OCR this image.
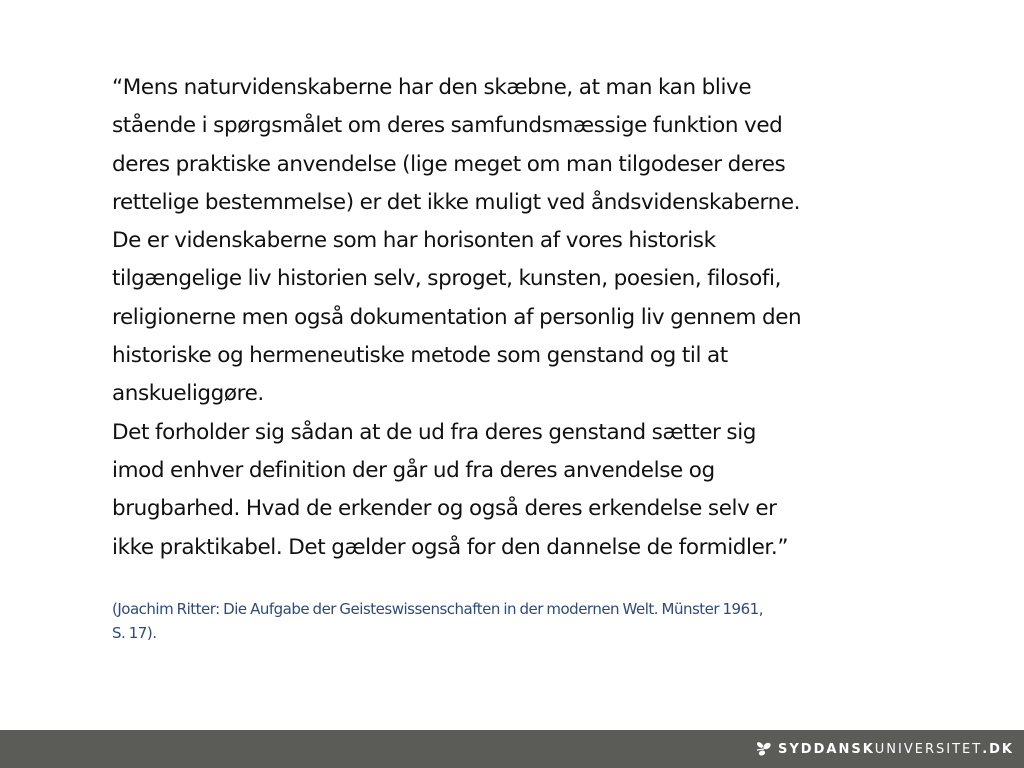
“Mens naturvidenskaberne har den skæbne, at man kan blive
stående i spørgsmålet om deres samfundsmæssige funktion ved
deres praktiske anvendelse (lige meget om man tilgodeser deres
rettelige bestemmelse) er det ikke muligt ved åndsvidenskaberne.
De er videnskaberne som har horisonten af vores historisk
tilgængelige liv historien selv, sproget, kunsten, poesien, filosofi,
religionerne men også dokumentation af personlig liv gennem den
historiske og hermeneutiske metode som genstand og til at
anskueliggøre.
Det forholder sig sådan at de ud fra deres genstand sætter sig
imod enhver definition der går ud fra deres anvendelse og
brugbarhed. Hvad de erkender og også deres erkendelse selv er
ikke praktikabel. Det gælder også for den dannelse de formidler.”
(Joachim Ritter: Die Aufgabe der Geisteswissenschaften in der modernen Welt. Münster 1961,
S. 17).
SYDDANSKUNIVERSITET.DK
